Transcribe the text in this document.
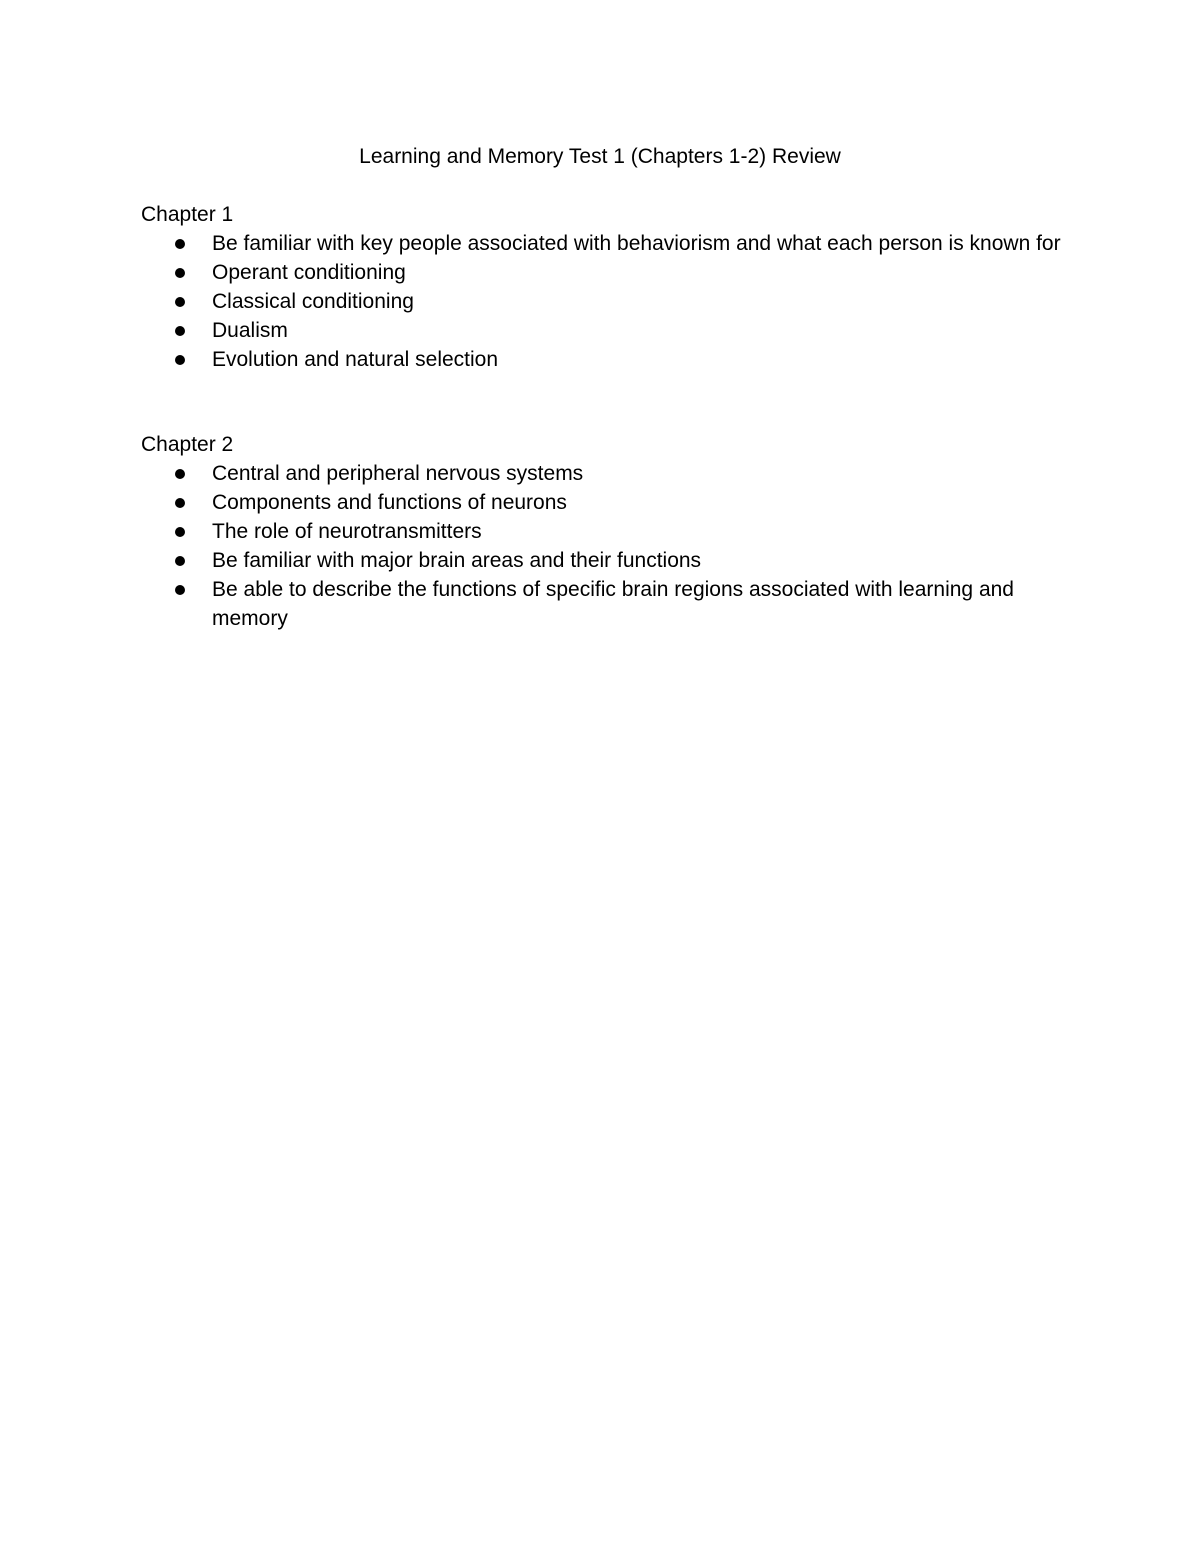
Learning and Memory Test 1 (Chapters 1-2) Review

Chapter 1

Be familiar with key people associated with behaviorism and what each person is known for
Operant conditioning
Classical conditioning
Dualism
Evolution and natural selection

Chapter 2

Central and peripheral nervous systems
Components and functions of neurons
The role of neurotransmitters
Be familiar with major brain areas and their functions
Be able to describe the functions of specific brain regions associated with learning and memory
